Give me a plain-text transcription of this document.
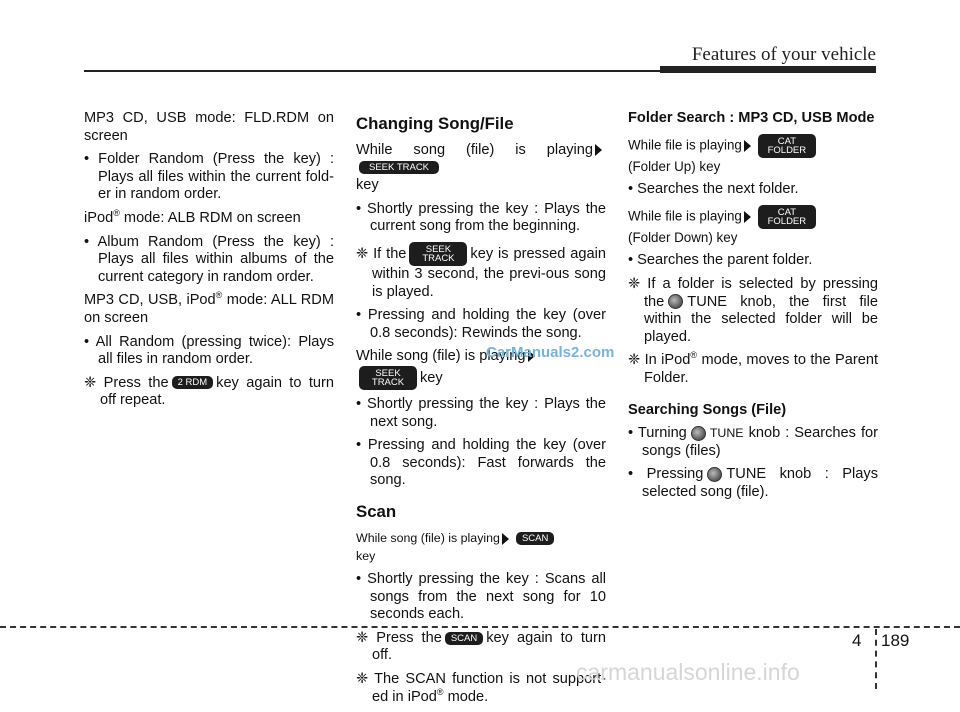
Features of your vehicle

MP3 CD, USB mode: FLD.RDM on screen

• Folder Random (Press the key) : Plays all files within the current fold-er in random order.

iPod® mode: ALB RDM on screen

• Album Random (Press the key) : Plays all files within albums of the current category in random order.

MP3 CD, USB, iPod® mode: ALL RDM on screen

• All Random (pressing twice): Plays all files in random order.

❈ Press the 2 RDM key again to turn off repeat.

Changing Song/File

While song (file) is playingSEEK TRACK
key

• Shortly pressing the key : Plays the current song from the beginning.

❈ If the SEEK TRACK key is pressed again within 3 second, the previ-ous song is played.

• Pressing and holding the key (over 0.8 seconds): Rewinds the song.

While song (file) is playing
SEEK TRACK key

• Shortly pressing the key : Plays the next song.

• Pressing and holding the key (over 0.8 seconds): Fast forwards the song.

Scan

While song (file) is playing SCAN
key

• Shortly pressing the key : Scans all songs from the next song for 10 seconds each.

❈ Press the SCAN key again to turn off.

❈ The SCAN function is not support-ed in iPod® mode.

Folder Search : MP3 CD, USB Mode

While file is playing	CAT FOLDER
(Folder Up) key

• Searches the next folder.

While file is playing	CAT FOLDER
(Folder Down) key

• Searches the parent folder.

❈ If a folder is selected by pressing the TUNE knob, the first file within the selected folder will be played.

❈ In iPod® mode, moves to the Parent Folder.

Searching Songs (File)

• Turning TUNE knob : Searches for songs (files)

• Pressing TUNE knob : Plays selected song (file).

CarManuals2.com
4 189
carmanualsonline.info
